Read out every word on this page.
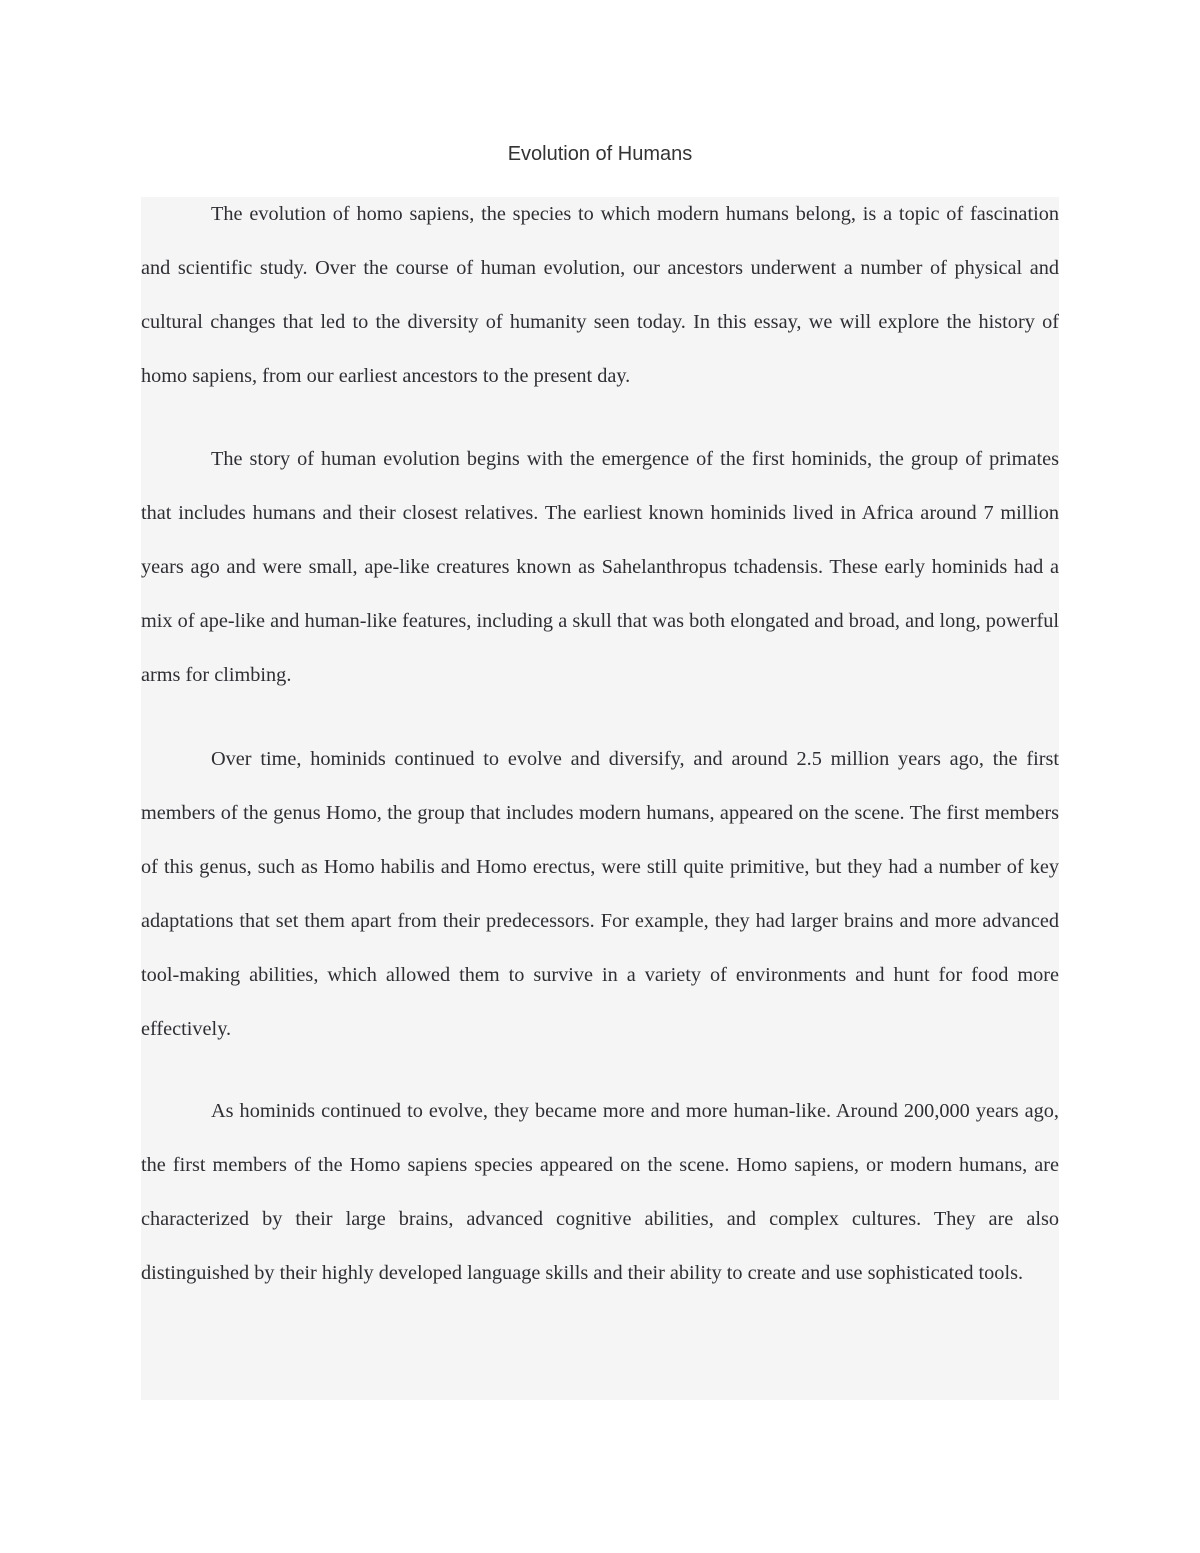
Evolution of Humans

The evolution of homo sapiens, the species to which modern humans belong, is a topic of fascination and scientific study. Over the course of human evolution, our ancestors underwent a number of physical and cultural changes that led to the diversity of humanity seen today. In this essay, we will explore the history of homo sapiens, from our earliest ancestors to the present day.

The story of human evolution begins with the emergence of the first hominids, the group of primates that includes humans and their closest relatives. The earliest known hominids lived in Africa around 7 million years ago and were small, ape-like creatures known as Sahelanthropus tchadensis. These early hominids had a mix of ape-like and human-like features, including a skull that was both elongated and broad, and long, powerful arms for climbing.

Over time, hominids continued to evolve and diversify, and around 2.5 million years ago, the first members of the genus Homo, the group that includes modern humans, appeared on the scene. The first members of this genus, such as Homo habilis and Homo erectus, were still quite primitive, but they had a number of key adaptations that set them apart from their predecessors. For example, they had larger brains and more advanced tool-making abilities, which allowed them to survive in a variety of environments and hunt for food more effectively.

As hominids continued to evolve, they became more and more human-like. Around 200,000 years ago, the first members of the Homo sapiens species appeared on the scene. Homo sapiens, or modern humans, are characterized by their large brains, advanced cognitive abilities, and complex cultures. They are also distinguished by their highly developed language skills and their ability to create and use sophisticated tools.
